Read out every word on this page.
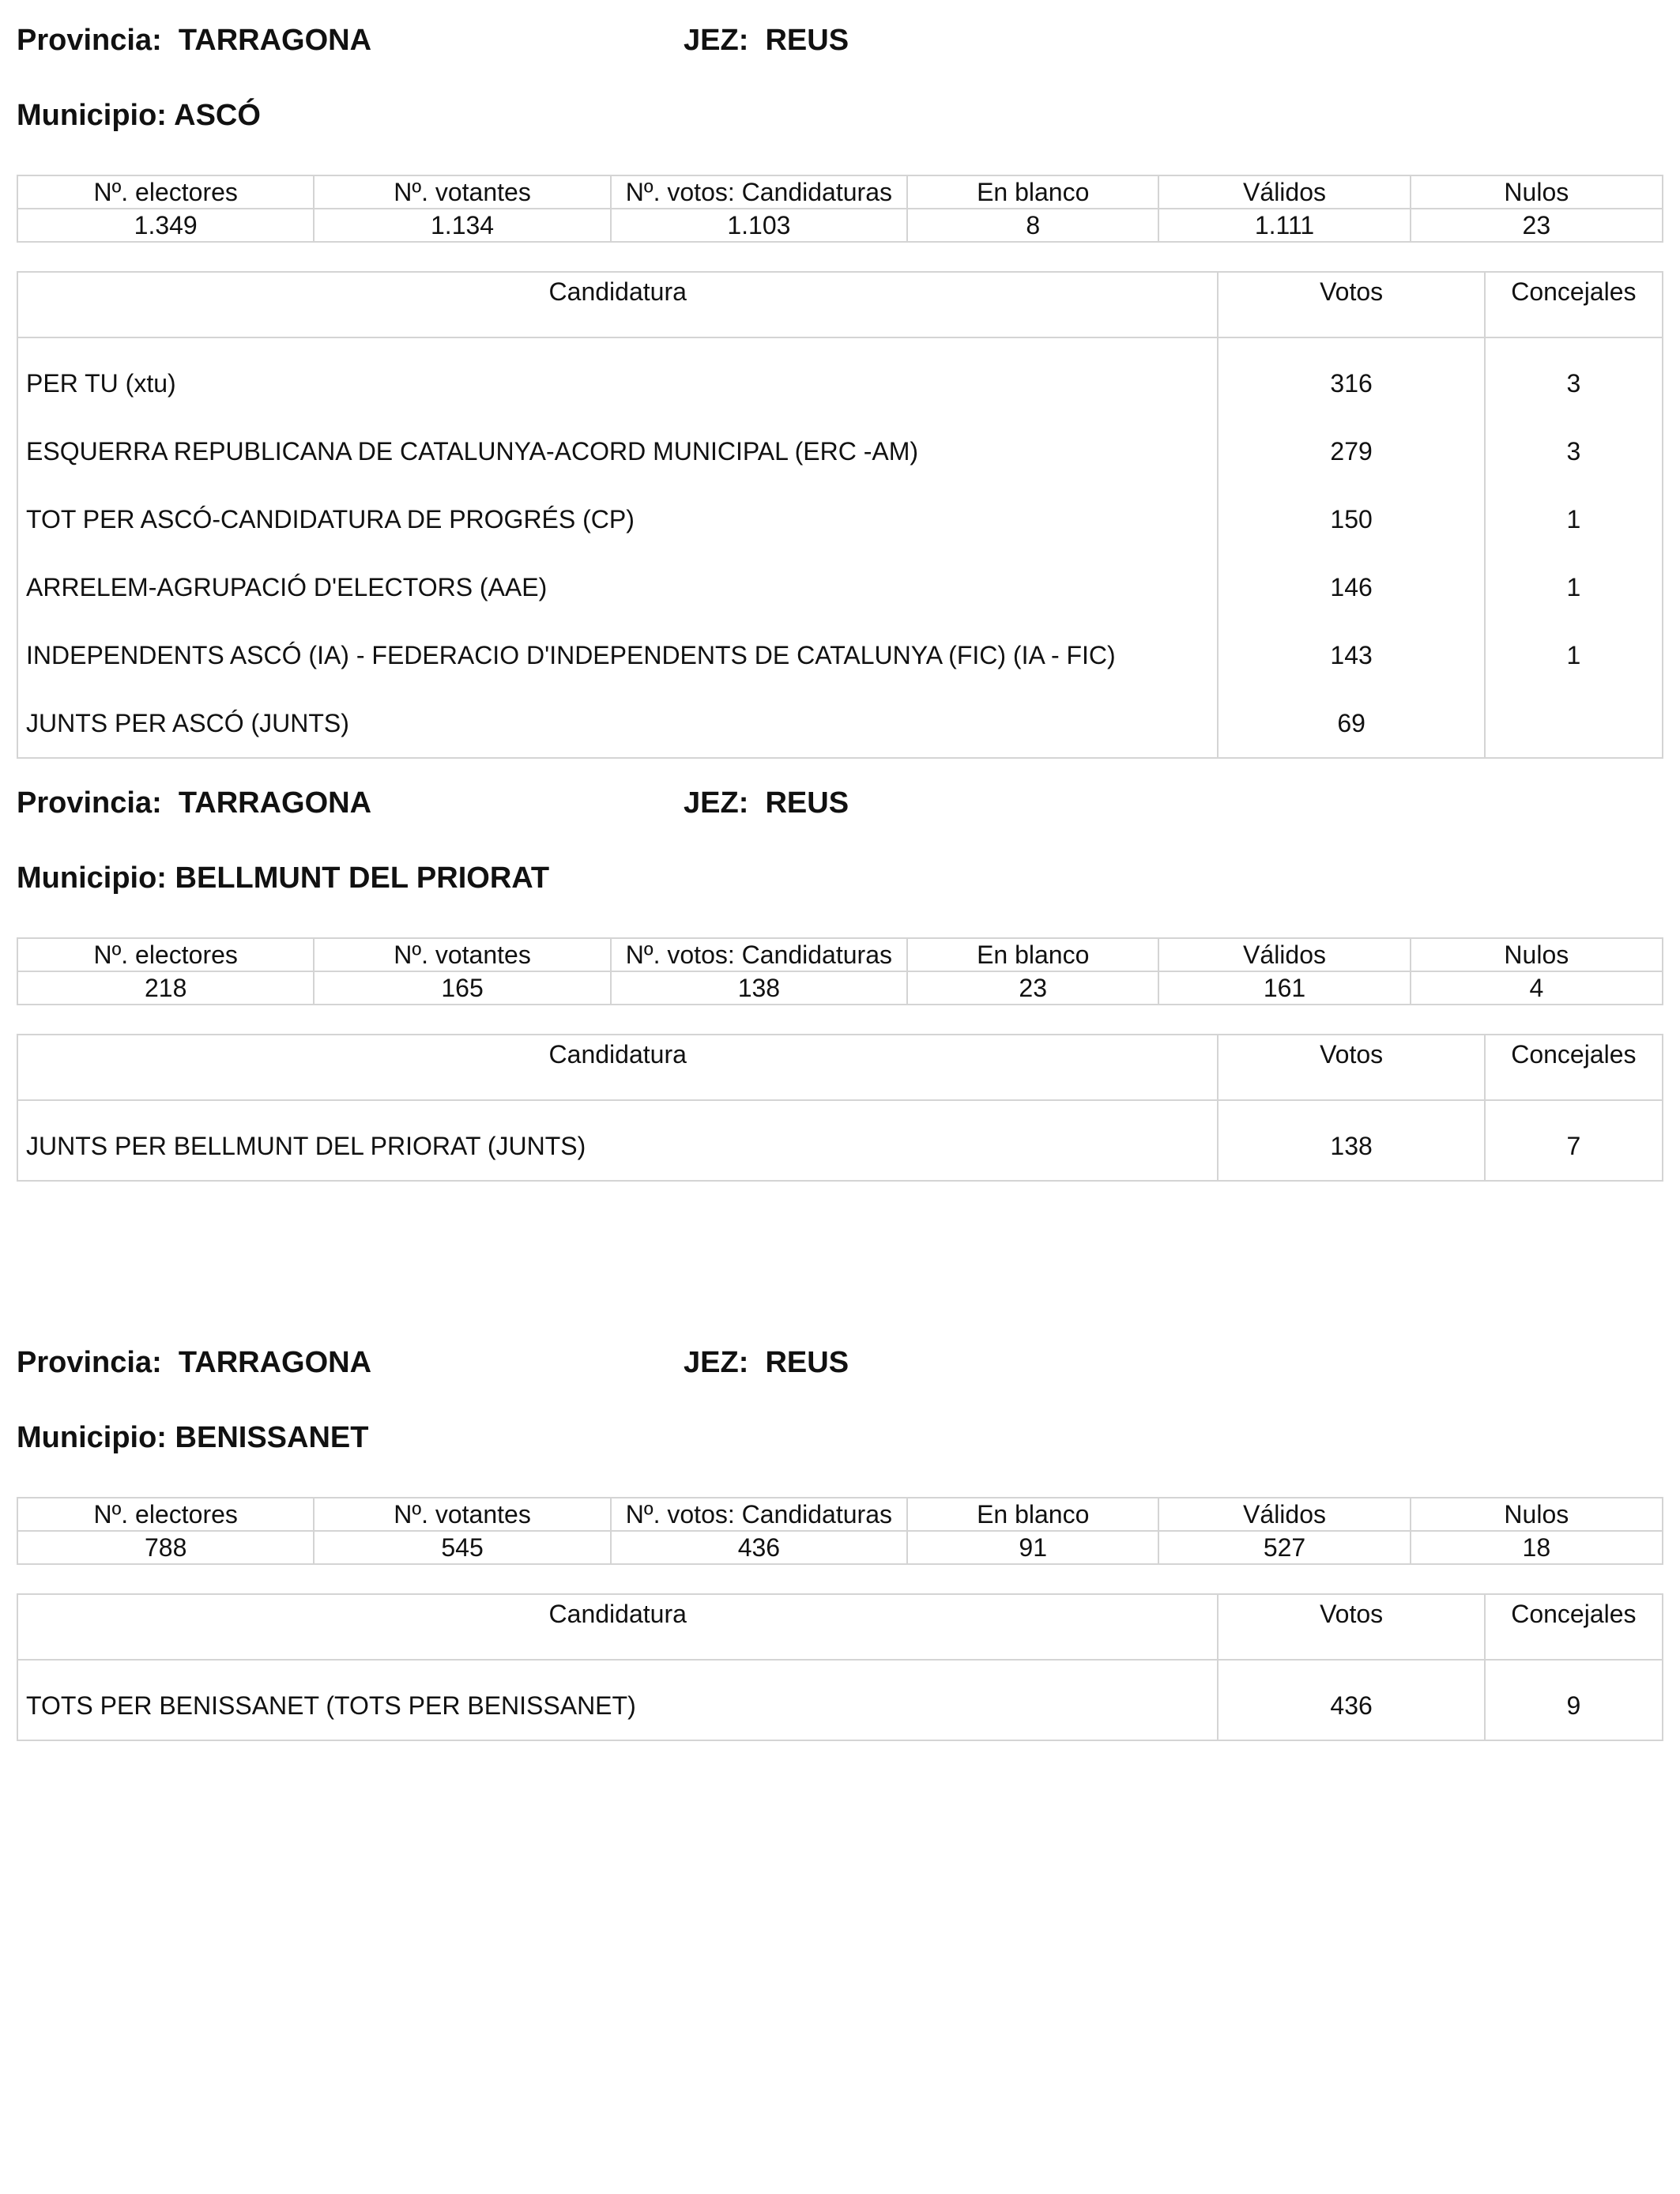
Provincia: TARRAGONA	JEZ: REUS
Municipio: ASCÓ
Nº. electores	Nº. votantes	Nº. votos: Candidaturas	En blanco	Válidos	Nulos
1.349	1.134	1.103	8	1.111	23
Candidatura	Votos	Concejales
PER TU (xtu)	316	3
ESQUERRA REPUBLICANA DE CATALUNYA-ACORD MUNICIPAL (ERC -AM)	279	3
TOT PER ASCÓ-CANDIDATURA DE PROGRÉS (CP)	150	1
ARRELEM-AGRUPACIÓ D'ELECTORS (AAE)	146	1
INDEPENDENTS ASCÓ (IA) - FEDERACIO D'INDEPENDENTS DE CATALUNYA (FIC) (IA - FIC)	143	1
JUNTS PER ASCÓ (JUNTS)	69	
Provincia: TARRAGONA	JEZ: REUS
Municipio: BELLMUNT DEL PRIORAT
Nº. electores	Nº. votantes	Nº. votos: Candidaturas	En blanco	Válidos	Nulos
218	165	138	23	161	4
Candidatura	Votos	Concejales
JUNTS PER BELLMUNT DEL PRIORAT (JUNTS)	138	7
Provincia: TARRAGONA	JEZ: REUS
Municipio: BENISSANET
Nº. electores	Nº. votantes	Nº. votos: Candidaturas	En blanco	Válidos	Nulos
788	545	436	91	527	18
Candidatura	Votos	Concejales
TOTS PER BENISSANET (TOTS PER BENISSANET)	436	9
